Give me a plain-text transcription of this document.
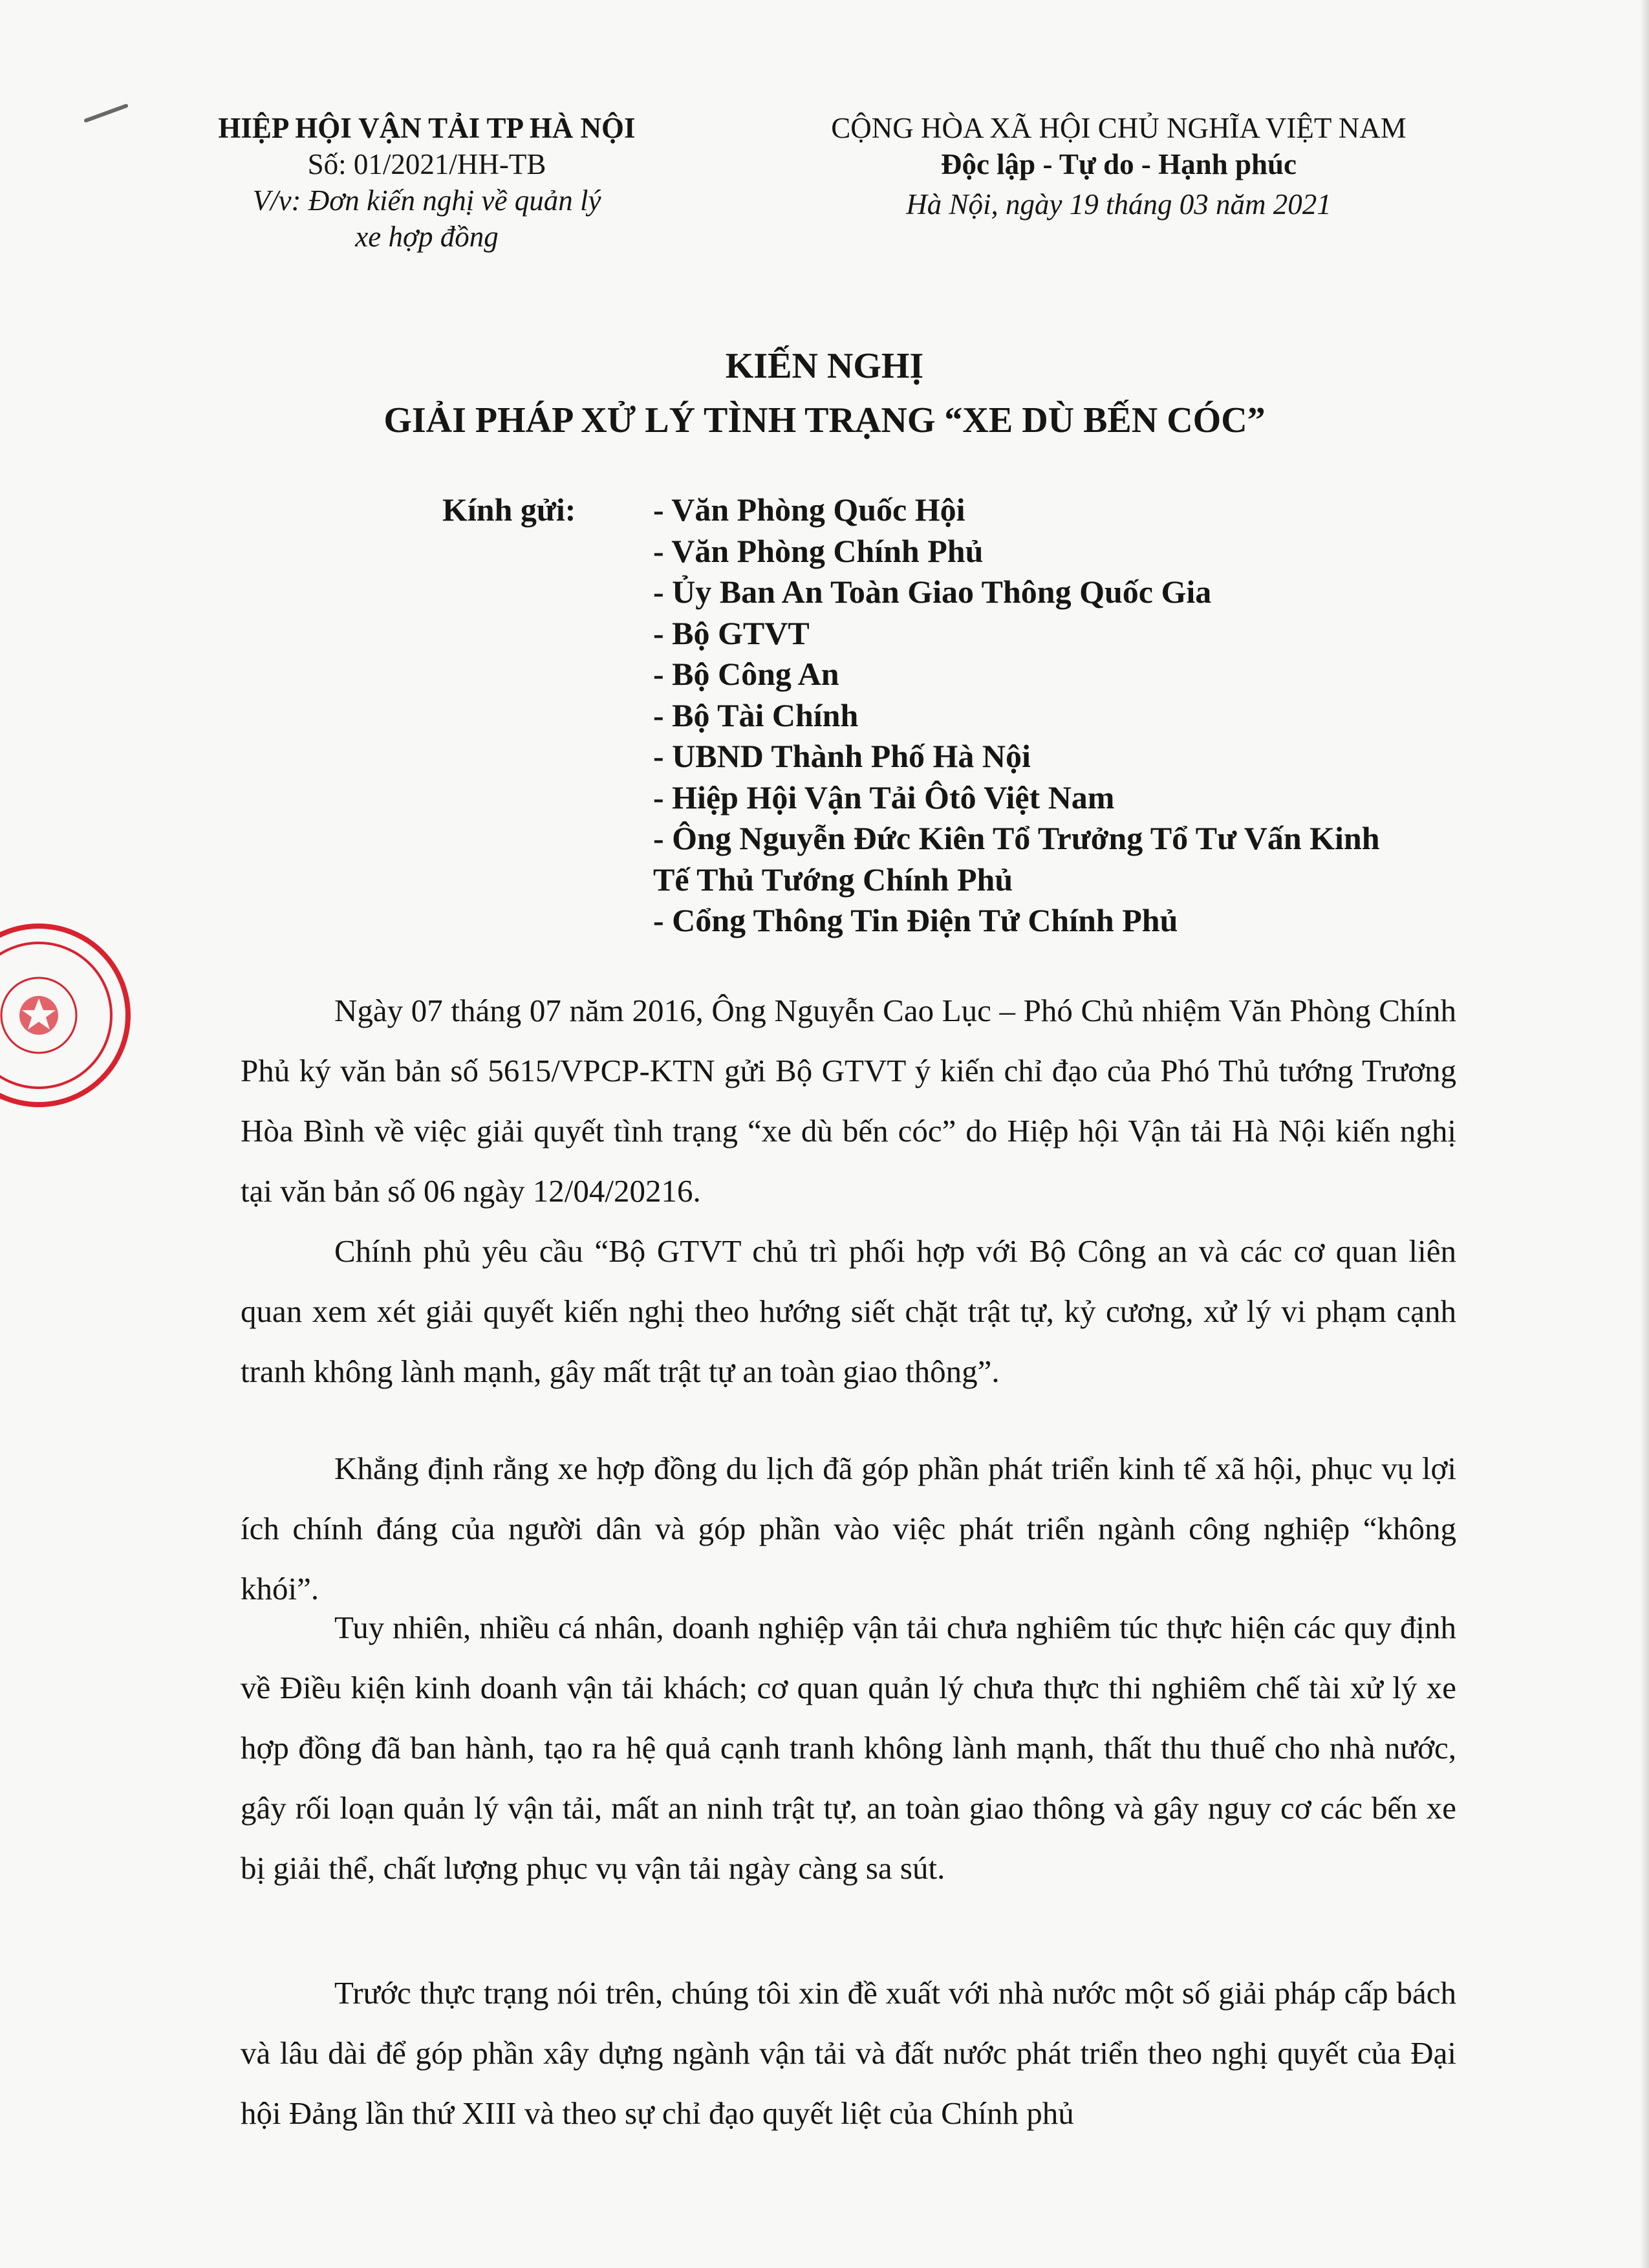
HIỆP HỘI VẬN TẢI TP HÀ NỘI
Số: 01/2021/HH-TB
V/v: Đơn kiến nghị về quản lý
xe hợp đồng
CỘNG HÒA XÃ HỘI CHỦ NGHĨA VIỆT NAM
Độc lập - Tự do - Hạnh phúc
Hà Nội, ngày 19 tháng 03 năm 2021
KIẾN NGHỊ
GIẢI PHÁP XỬ LÝ TÌNH TRẠNG “XE DÙ BẾN CÓC”
Kính gửi:	- Văn Phòng Quốc Hội
- Văn Phòng Chính Phủ
- Ủy Ban An Toàn Giao Thông Quốc Gia
- Bộ GTVT
- Bộ Công An
- Bộ Tài Chính
- UBND Thành Phố Hà Nội
- Hiệp Hội Vận Tải Ôtô Việt Nam
- Ông Nguyễn Đức Kiên Tổ Trưởng Tổ Tư Vấn Kinh
Tế Thủ Tướng Chính Phủ
- Cổng Thông Tin Điện Tử Chính Phủ

Ngày 07 tháng 07 năm 2016, Ông Nguyễn Cao Lục – Phó Chủ nhiệm Văn Phòng Chính Phủ ký văn bản số 5615/VPCP-KTN gửi Bộ GTVT ý kiến chỉ đạo của Phó Thủ tướng Trương Hòa Bình về việc giải quyết tình trạng “xe dù bến cóc” do Hiệp hội Vận tải Hà Nội kiến nghị tại văn bản số 06 ngày 12/04/20216.

Chính phủ yêu cầu “Bộ GTVT chủ trì phối hợp với Bộ Công an và các cơ quan liên quan xem xét giải quyết kiến nghị theo hướng siết chặt trật tự, kỷ cương, xử lý vi phạm cạnh tranh không lành mạnh, gây mất trật tự an toàn giao thông”.

Khẳng định rằng xe hợp đồng du lịch đã góp phần phát triển kinh tế xã hội, phục vụ lợi ích chính đáng của người dân và góp phần vào việc phát triển ngành công nghiệp “không khói”.

Tuy nhiên, nhiều cá nhân, doanh nghiệp vận tải chưa nghiêm túc thực hiện các quy định về Điều kiện kinh doanh vận tải khách; cơ quan quản lý chưa thực thi nghiêm chế tài xử lý xe hợp đồng đã ban hành, tạo ra hệ quả cạnh tranh không lành mạnh, thất thu thuế cho nhà nước, gây rối loạn quản lý vận tải, mất an ninh trật tự, an toàn giao thông và gây nguy cơ các bến xe bị giải thể, chất lượng phục vụ vận tải ngày càng sa sút.

Trước thực trạng nói trên, chúng tôi xin đề xuất với nhà nước một số giải pháp cấp bách và lâu dài để góp phần xây dựng ngành vận tải và đất nước phát triển theo nghị quyết của Đại hội Đảng lần thứ XIII và theo sự chỉ đạo quyết liệt của Chính phủ
